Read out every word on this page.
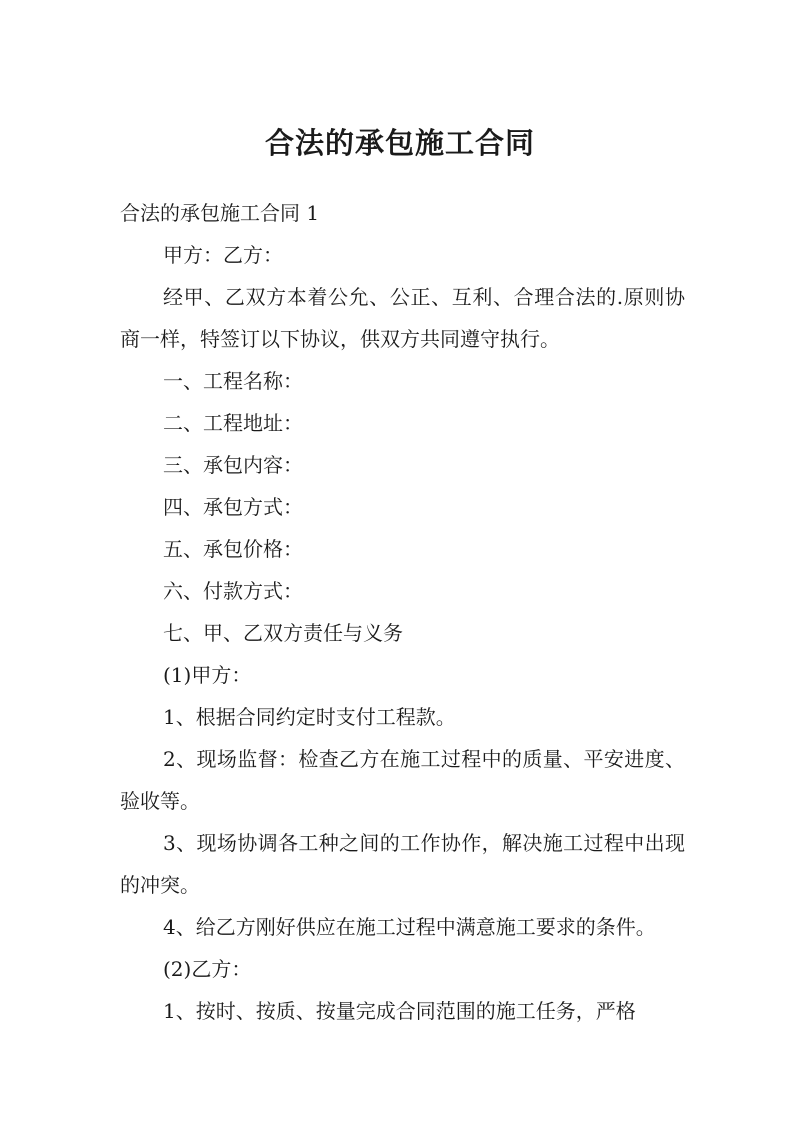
合法的承包施工合同

合法的承包施工合同 1

甲方：乙方：

经甲、乙双方本着公允、公正、互利、合理合法的.原则协商一样，特签订以下协议，供双方共同遵守执行。

一、工程名称：

二、工程地址：

三、承包内容：

四、承包方式：

五、承包价格：

六、付款方式：

七、甲、乙双方责任与义务

(1)甲方：

1、根据合同约定时支付工程款。

2、现场监督：检查乙方在施工过程中的质量、平安进度、验收等。

3、现场协调各工种之间的工作协作，解决施工过程中出现的冲突。

4、给乙方刚好供应在施工过程中满意施工要求的条件。

(2)乙方：

1、按时、按质、按量完成合同范围的施工任务，严格
